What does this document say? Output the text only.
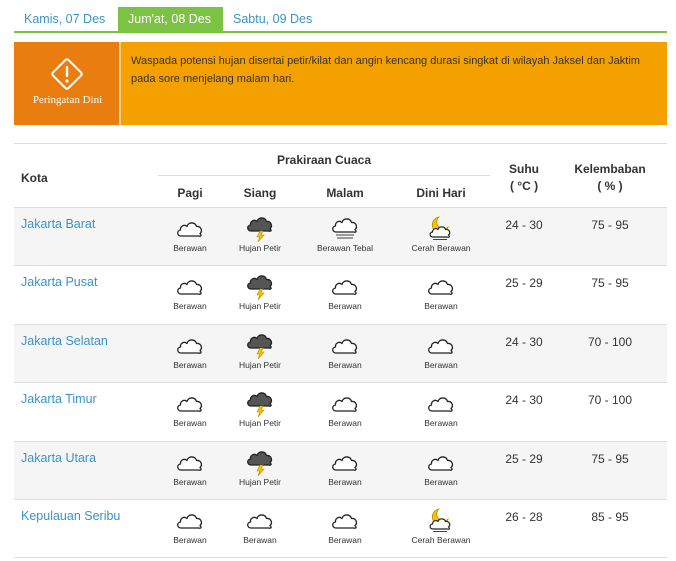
Kamis, 07 Des	Jum'at, 08 Des	Sabtu, 09 Des
Peringatan Dini
Waspada potensi hujan disertai petir/kilat dan angin kencang durasi singkat di wilayah Jaksel dan Jaktim pada sore menjelang malam hari.
Kota
Prakiraan Cuaca
Pagi	Siang	Malam	Dini Hari
Suhu
( °C )
Kelembaban
( % )
Jakarta Barat
Berawan	Hujan Petir	Berawan Tebal	Cerah Berawan
24 - 30	75 - 95
Jakarta Pusat
Berawan	Hujan Petir	Berawan	Berawan
25 - 29	75 - 95
Jakarta Selatan
Berawan	Hujan Petir	Berawan	Berawan
24 - 30	70 - 100
Jakarta Timur
Berawan	Hujan Petir	Berawan	Berawan
24 - 30	70 - 100
Jakarta Utara
Berawan	Hujan Petir	Berawan	Berawan
25 - 29	75 - 95
Kepulauan Seribu
Berawan	Berawan	Berawan	Cerah Berawan
26 - 28	85 - 95
